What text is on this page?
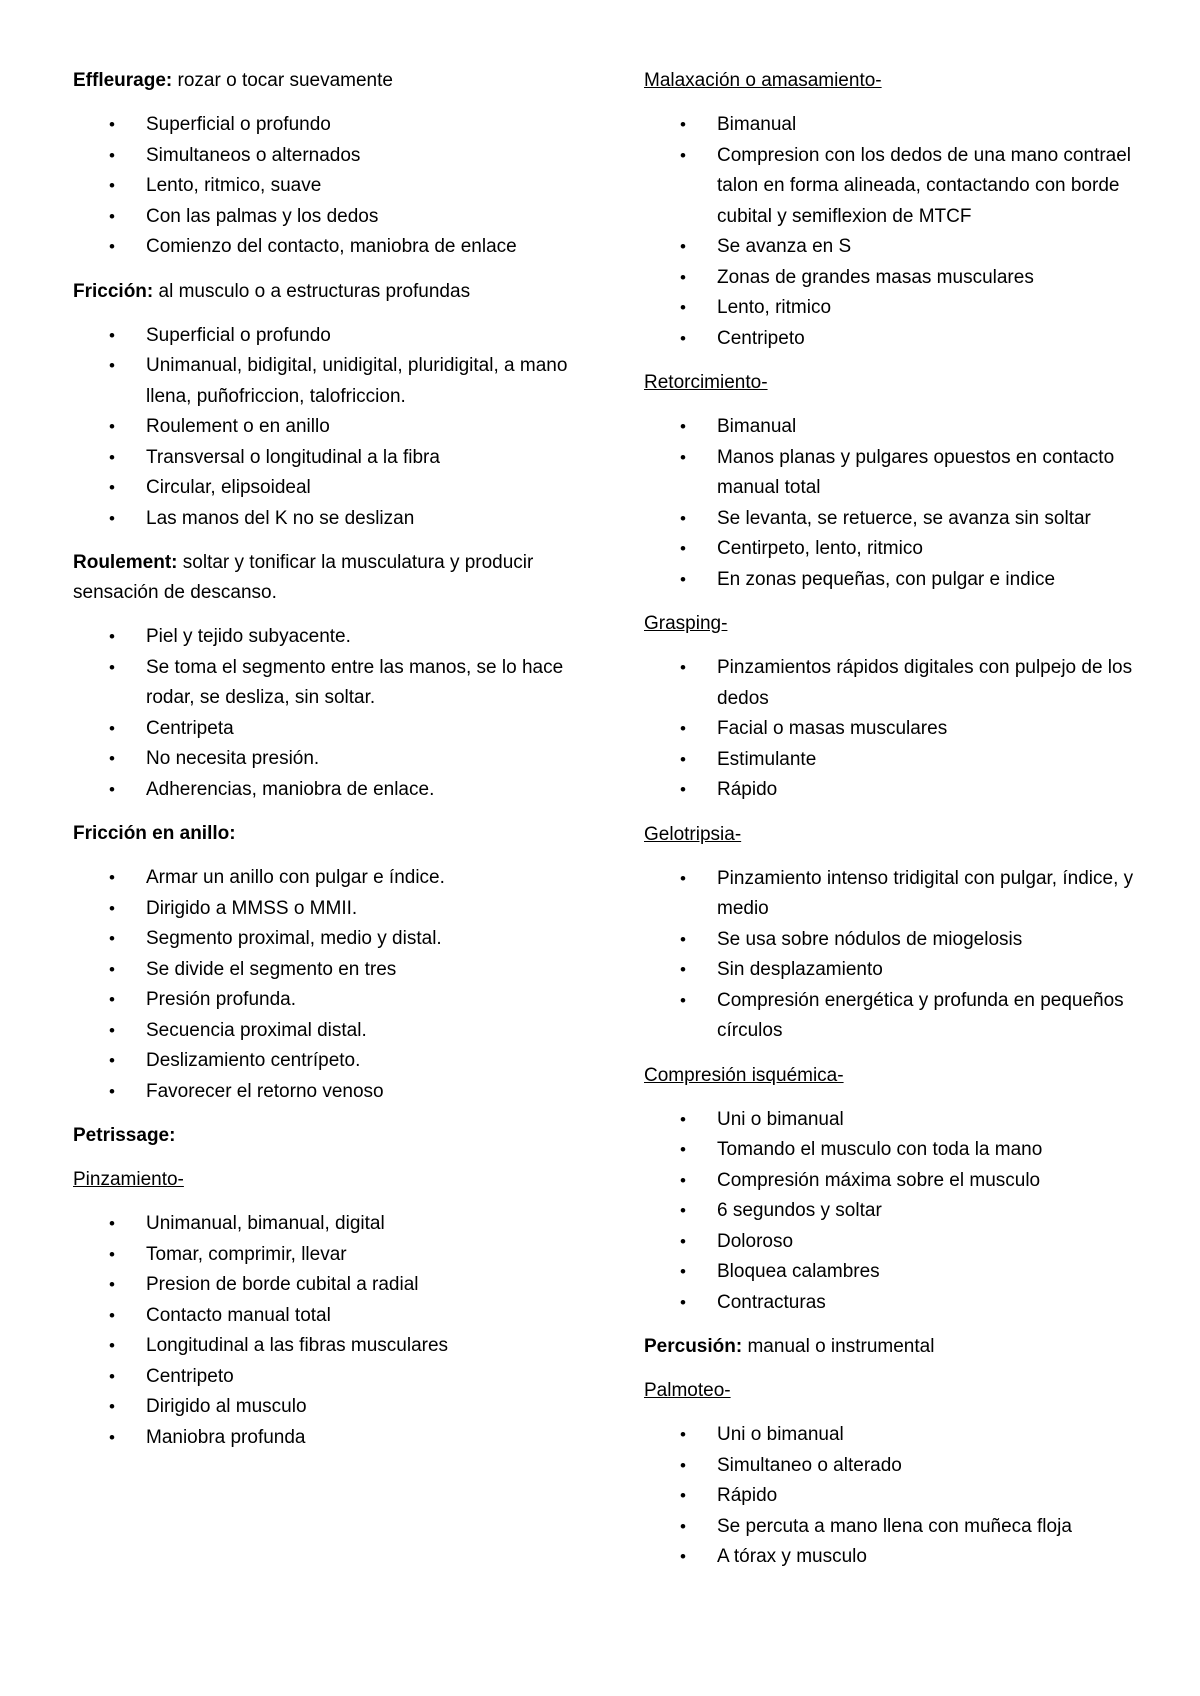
Effleurage: rozar o tocar suevamente

• Superficial o profundo
• Simultaneos o alternados
• Lento, ritmico, suave
• Con las palmas y los dedos
• Comienzo del contacto, maniobra de enlace

Fricción: al musculo o a estructuras profundas

• Superficial o profundo
• Unimanual, bidigital, unidigital, pluridigital, a mano llena, puñofriccion, talofriccion.
• Roulement o en anillo
• Transversal o longitudinal a la fibra
• Circular, elipsoideal
• Las manos del K no se deslizan

Roulement: soltar y tonificar la musculatura y producir sensación de descanso.

• Piel y tejido subyacente.
• Se toma el segmento entre las manos, se lo hace rodar, se desliza, sin soltar.
• Centripeta
• No necesita presión.
• Adherencias, maniobra de enlace.

Fricción en anillo:

• Armar un anillo con pulgar e índice.
• Dirigido a MMSS o MMII.
• Segmento proximal, medio y distal.
• Se divide el segmento en tres
• Presión profunda.
• Secuencia proximal distal.
• Deslizamiento centrípeto.
• Favorecer el retorno venoso

Petrissage:

Pinzamiento-

• Unimanual, bimanual, digital
• Tomar, comprimir, llevar
• Presion de borde cubital a radial
• Contacto manual total
• Longitudinal a las fibras musculares
• Centripeto
• Dirigido al musculo
• Maniobra profunda

Malaxación o amasamiento-

• Bimanual
• Compresion con los dedos de una mano contrael talon en forma alineada, contactando con borde cubital y semiflexion de MTCF
• Se avanza en S
• Zonas de grandes masas musculares
• Lento, ritmico
• Centripeto

Retorcimiento-

• Bimanual
• Manos planas y pulgares opuestos en contacto manual total
• Se levanta, se retuerce, se avanza sin soltar
• Centirpeto, lento, ritmico
• En zonas pequeñas, con pulgar e indice

Grasping-

• Pinzamientos rápidos digitales con pulpejo de los dedos
• Facial o masas musculares
• Estimulante
• Rápido

Gelotripsia-

• Pinzamiento intenso tridigital con pulgar, índice, y medio
• Se usa sobre nódulos de miogelosis
• Sin desplazamiento
• Compresión energética y profunda en pequeños círculos

Compresión isquémica-

• Uni o bimanual
• Tomando el musculo con toda la mano
• Compresión máxima sobre el musculo
• 6 segundos y soltar
• Doloroso
• Bloquea calambres
• Contracturas

Percusión: manual o instrumental

Palmoteo-

• Uni o bimanual
• Simultaneo o alterado
• Rápido
• Se percuta a mano llena con muñeca floja
• A tórax y musculo
